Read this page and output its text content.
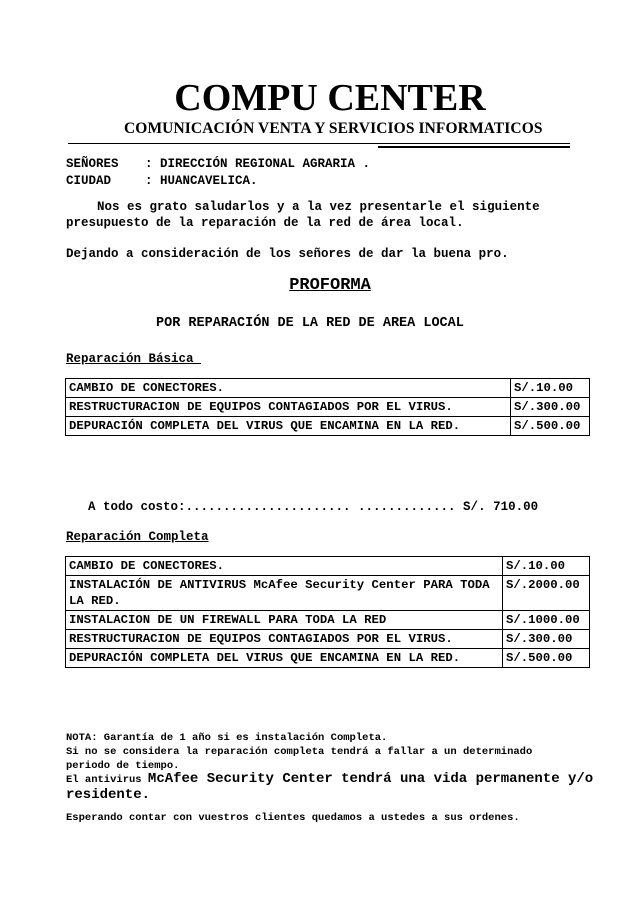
COMPU CENTER
COMUNICACIÓN VENTA Y SERVICIOS INFORMATICOS
SEÑORES : DIRECCIÓN REGIONAL AGRARIA .
CIUDAD	: HUANCAVELICA.
Nos es grato saludarlos y a la vez presentarle el siguiente
presupuesto de la reparación de la red de área local.
Dejando a consideración de los señores de dar la buena pro.
PROFORMA
POR REPARACIÓN DE LA RED DE AREA LOCAL
Reparación Básica
CAMBIO DE CONECTORES.	S/.10.00
RESTRUCTURACION DE EQUIPOS CONTAGIADOS POR EL VIRUS.	S/.300.00
DEPURACIÓN COMPLETA DEL VIRUS QUE ENCAMINA EN LA RED.	S/.500.00
A todo costo:...................... ............. S/. 710.00
Reparación Completa
CAMBIO DE CONECTORES.	S/.10.00
INSTALACIÓN DE ANTIVIRUS McAfee Security Center PARA TODA LA RED.	S/.2000.00
INSTALACION DE UN FIREWALL PARA TODA LA RED	S/.1000.00
RESTRUCTURACION DE EQUIPOS CONTAGIADOS POR EL VIRUS.	S/.300.00
DEPURACIÓN COMPLETA DEL VIRUS QUE ENCAMINA EN LA RED.	S/.500.00
NOTA: Garantía de 1 año si es instalación Completa.
Si no se considera la reparación completa tendrá a fallar a un determinado
periodo de tiempo.
El antivirus McAfee Security Center tendrá una vida permanente y/o
residente.
Esperando contar con vuestros clientes quedamos a ustedes a sus ordenes.
